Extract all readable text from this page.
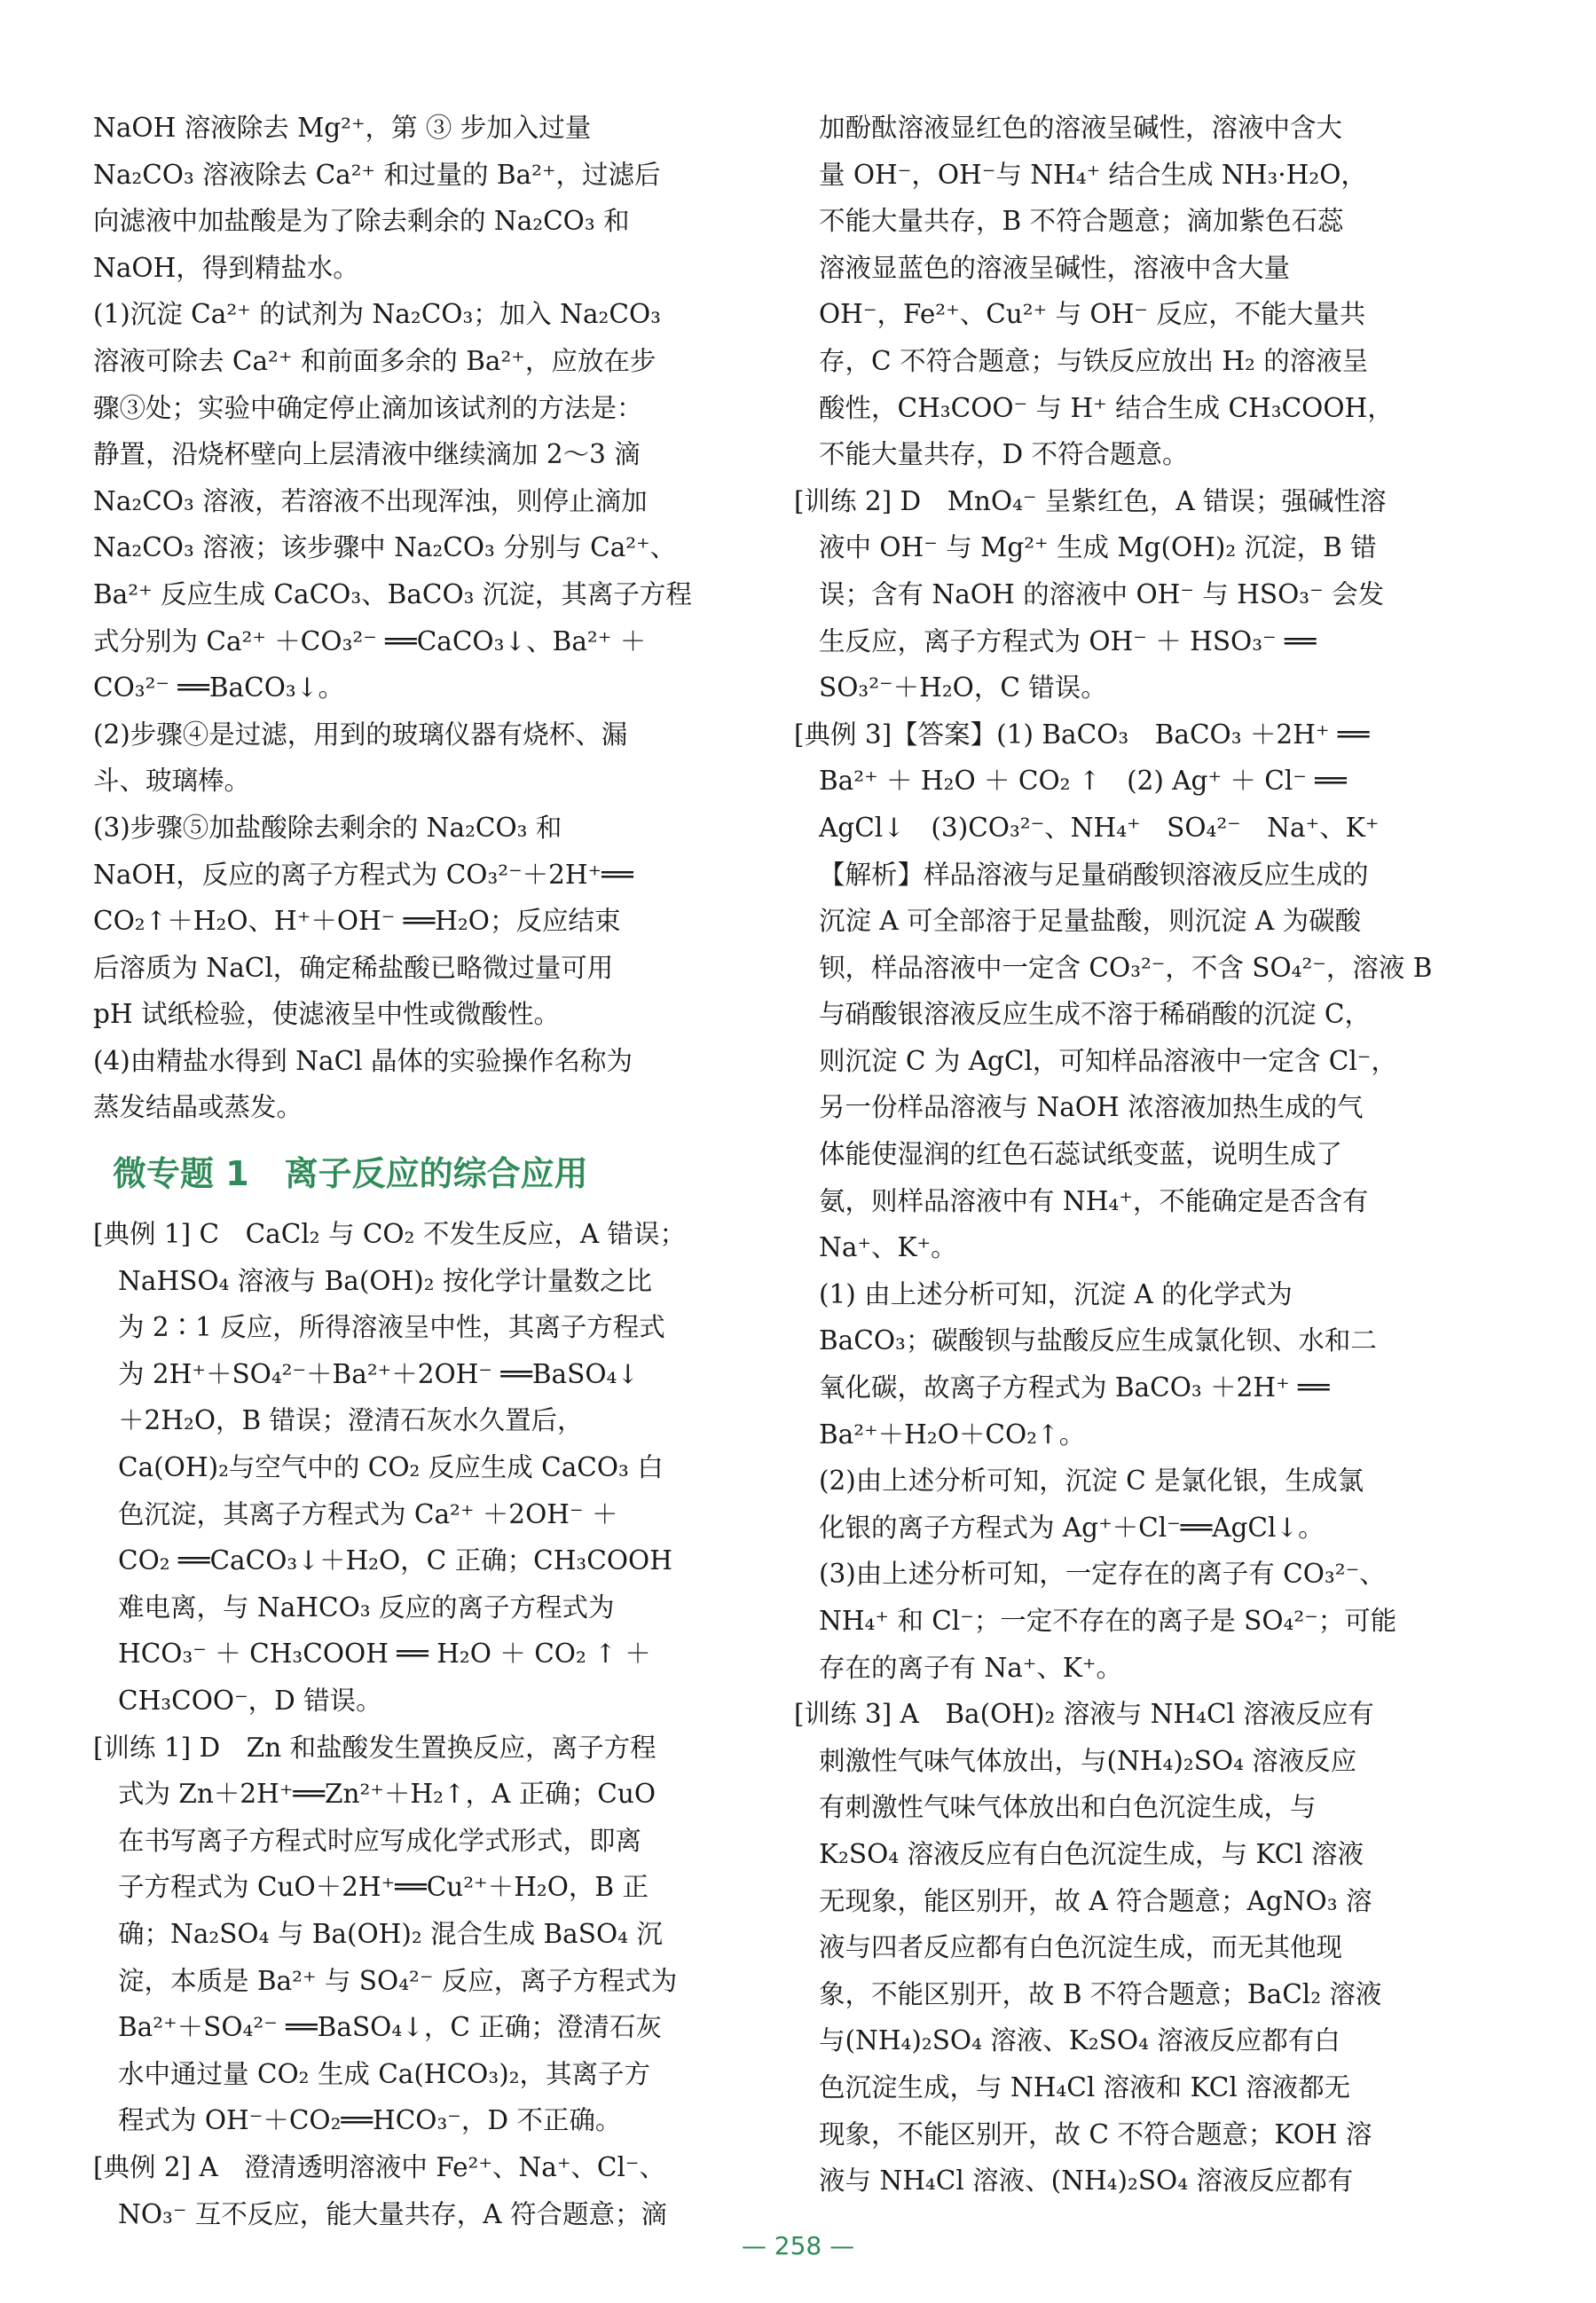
NaOH 溶液除去 Mg²⁺，第 ③ 步加入过量
Na₂CO₃ 溶液除去 Ca²⁺ 和过量的 Ba²⁺，过滤后
向滤液中加盐酸是为了除去剩余的 Na₂CO₃ 和
NaOH，得到精盐水。

(1)沉淀 Ca²⁺ 的试剂为 Na₂CO₃；加入 Na₂CO₃
溶液可除去 Ca²⁺ 和前面多余的 Ba²⁺，应放在步
骤③处；实验中确定停止滴加该试剂的方法是：
静置，沿烧杯壁向上层清液中继续滴加 2～3 滴
Na₂CO₃ 溶液，若溶液不出现浑浊，则停止滴加
Na₂CO₃ 溶液；该步骤中 Na₂CO₃ 分别与 Ca²⁺、
Ba²⁺ 反应生成 CaCO₃、BaCO₃ 沉淀，其离子方程
式分别为 Ca²⁺ ＋CO₃²⁻ ══CaCO₃↓、Ba²⁺ ＋
CO₃²⁻ ══BaCO₃↓。

(2)步骤④是过滤，用到的玻璃仪器有烧杯、漏
斗、玻璃棒。

(3)步骤⑤加盐酸除去剩余的 Na₂CO₃ 和
NaOH，反应的离子方程式为 CO₃²⁻＋2H⁺══
CO₂↑＋H₂O、H⁺＋OH⁻ ══H₂O；反应结束
后溶质为 NaCl，确定稀盐酸已略微过量可用
pH 试纸检验，使滤液呈中性或微酸性。

(4)由精盐水得到 NaCl 晶体的实验操作名称为
蒸发结晶或蒸发。

微专题 1 离子反应的综合应用

[典例 1] C　CaCl₂ 与 CO₂ 不发生反应，A 错误；
NaHSO₄ 溶液与 Ba(OH)₂ 按化学计量数之比
为 2∶1 反应，所得溶液呈中性，其离子方程式
为 2H⁺＋SO₄²⁻＋Ba²⁺＋2OH⁻ ══BaSO₄↓
＋2H₂O，B 错误；澄清石灰水久置后，
Ca(OH)₂与空气中的 CO₂ 反应生成 CaCO₃ 白
色沉淀，其离子方程式为 Ca²⁺ ＋2OH⁻ ＋
CO₂ ══CaCO₃↓＋H₂O，C 正确；CH₃COOH
难电离，与 NaHCO₃ 反应的离子方程式为
HCO₃⁻ ＋ CH₃COOH ══ H₂O ＋ CO₂ ↑ ＋
CH₃COO⁻，D 错误。

[训练 1] D　Zn 和盐酸发生置换反应，离子方程
式为 Zn＋2H⁺══Zn²⁺＋H₂↑，A 正确；CuO
在书写离子方程式时应写成化学式形式，即离
子方程式为 CuO＋2H⁺══Cu²⁺＋H₂O，B 正
确；Na₂SO₄ 与 Ba(OH)₂ 混合生成 BaSO₄ 沉
淀，本质是 Ba²⁺ 与 SO₄²⁻ 反应，离子方程式为
Ba²⁺＋SO₄²⁻ ══BaSO₄↓，C 正确；澄清石灰
水中通过量 CO₂ 生成 Ca(HCO₃)₂，其离子方
程式为 OH⁻＋CO₂══HCO₃⁻，D 不正确。

[典例 2] A　澄清透明溶液中 Fe²⁺、Na⁺、Cl⁻、
NO₃⁻ 互不反应，能大量共存，A 符合题意；滴

加酚酞溶液显红色的溶液呈碱性，溶液中含大
量 OH⁻，OH⁻与 NH₄⁺ 结合生成 NH₃·H₂O，
不能大量共存，B 不符合题意；滴加紫色石蕊
溶液显蓝色的溶液呈碱性，溶液中含大量
OH⁻，Fe²⁺、Cu²⁺ 与 OH⁻ 反应，不能大量共
存，C 不符合题意；与铁反应放出 H₂ 的溶液呈
酸性，CH₃COO⁻ 与 H⁺ 结合生成 CH₃COOH，
不能大量共存，D 不符合题意。

[训练 2] D　MnO₄⁻ 呈紫红色，A 错误；强碱性溶
液中 OH⁻ 与 Mg²⁺ 生成 Mg(OH)₂ 沉淀，B 错
误；含有 NaOH 的溶液中 OH⁻ 与 HSO₃⁻ 会发
生反应，离子方程式为 OH⁻ ＋ HSO₃⁻ ══
SO₃²⁻＋H₂O，C 错误。

[典例 3]【答案】(1) BaCO₃　BaCO₃ ＋2H⁺ ══
Ba²⁺ ＋ H₂O ＋ CO₂ ↑　(2) Ag⁺ ＋ Cl⁻ ══
AgCl↓　(3)CO₃²⁻、NH₄⁺　SO₄²⁻　Na⁺、K⁺

【解析】样品溶液与足量硝酸钡溶液反应生成的
沉淀 A 可全部溶于足量盐酸，则沉淀 A 为碳酸
钡，样品溶液中一定含 CO₃²⁻，不含 SO₄²⁻，溶液 B
与硝酸银溶液反应生成不溶于稀硝酸的沉淀 C，
则沉淀 C 为 AgCl，可知样品溶液中一定含 Cl⁻，
另一份样品溶液与 NaOH 浓溶液加热生成的气
体能使湿润的红色石蕊试纸变蓝，说明生成了
氨，则样品溶液中有 NH₄⁺，不能确定是否含有
Na⁺、K⁺。

(1) 由上述分析可知，沉淀 A 的化学式为
BaCO₃；碳酸钡与盐酸反应生成氯化钡、水和二
氧化碳，故离子方程式为 BaCO₃ ＋2H⁺ ══
Ba²⁺＋H₂O＋CO₂↑。

(2)由上述分析可知，沉淀 C 是氯化银，生成氯
化银的离子方程式为 Ag⁺＋Cl⁻══AgCl↓。

(3)由上述分析可知，一定存在的离子有 CO₃²⁻、
NH₄⁺ 和 Cl⁻；一定不存在的离子是 SO₄²⁻；可能
存在的离子有 Na⁺、K⁺。

[训练 3] A　Ba(OH)₂ 溶液与 NH₄Cl 溶液反应有
刺激性气味气体放出，与(NH₄)₂SO₄ 溶液反应
有刺激性气味气体放出和白色沉淀生成，与
K₂SO₄ 溶液反应有白色沉淀生成，与 KCl 溶液
无现象，能区别开，故 A 符合题意；AgNO₃ 溶
液与四者反应都有白色沉淀生成，而无其他现
象，不能区别开，故 B 不符合题意；BaCl₂ 溶液
与(NH₄)₂SO₄ 溶液、K₂SO₄ 溶液反应都有白
色沉淀生成，与 NH₄Cl 溶液和 KCl 溶液都无
现象，不能区别开，故 C 不符合题意；KOH 溶
液与 NH₄Cl 溶液、(NH₄)₂SO₄ 溶液反应都有

— 258 —
